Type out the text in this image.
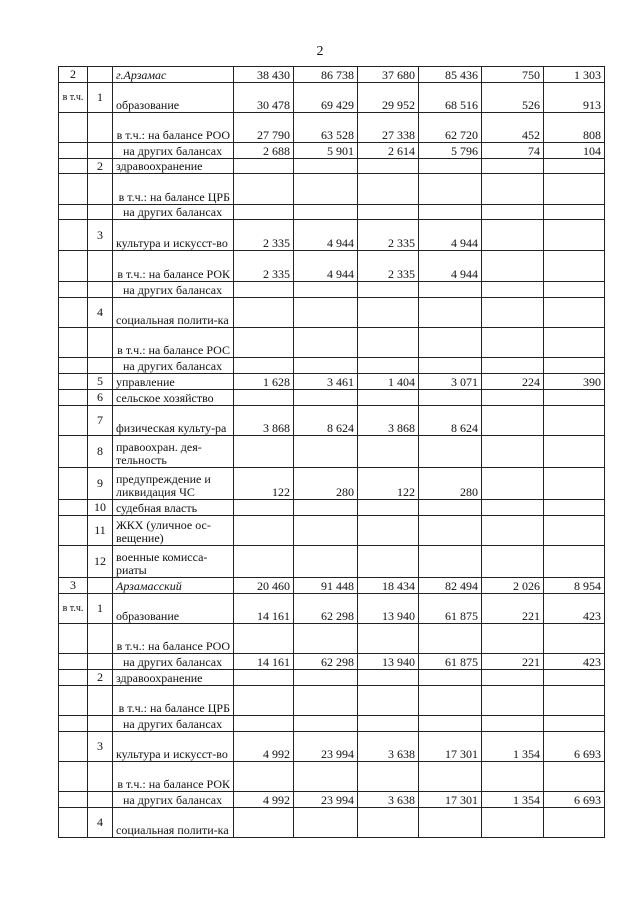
2
2		г.Арзамас	38 430	86 738	37 680	85 436	750	1 303
в т.ч.	1	образование	30 478	69 429	29 952	68 516	526	913
		в т.ч.: на балансе РОО	27 790	63 528	27 338	62 720	452	808
		на других балансах	2 688	5 901	2 614	5 796	74	104
	2	здравоохранение						
		в т.ч.: на балансе ЦРБ						
		на других балансах						
	3	культура и искусст-во	2 335	4 944	2 335	4 944		
		в т.ч.: на балансе РОК	2 335	4 944	2 335	4 944		
		на других балансах						
	4	социальная полити-ка						
		в т.ч.: на балансе РОС						
		на других балансах						
	5	управление	1 628	3 461	1 404	3 071	224	390
	6	сельское хозяйство						
	7	физическая культу-ра	3 868	8 624	3 868	8 624		
	8	правоохран. дея-тельность						
	9	предупреждение и ликвидация ЧС	122	280	122	280		
	10	судебная власть						
	11	ЖКХ (уличное ос-вещение)						
	12	военные комисса-риаты						
3		Арзамасский	20 460	91 448	18 434	82 494	2 026	8 954
в т.ч.	1	образование	14 161	62 298	13 940	61 875	221	423
		в т.ч.: на балансе РОО						
		на других балансах	14 161	62 298	13 940	61 875	221	423
	2	здравоохранение						
		в т.ч.: на балансе ЦРБ						
		на других балансах						
	3	культура и искусст-во	4 992	23 994	3 638	17 301	1 354	6 693
		в т.ч.: на балансе РОК						
		на других балансах	4 992	23 994	3 638	17 301	1 354	6 693
	4	социальная полити-ка						
